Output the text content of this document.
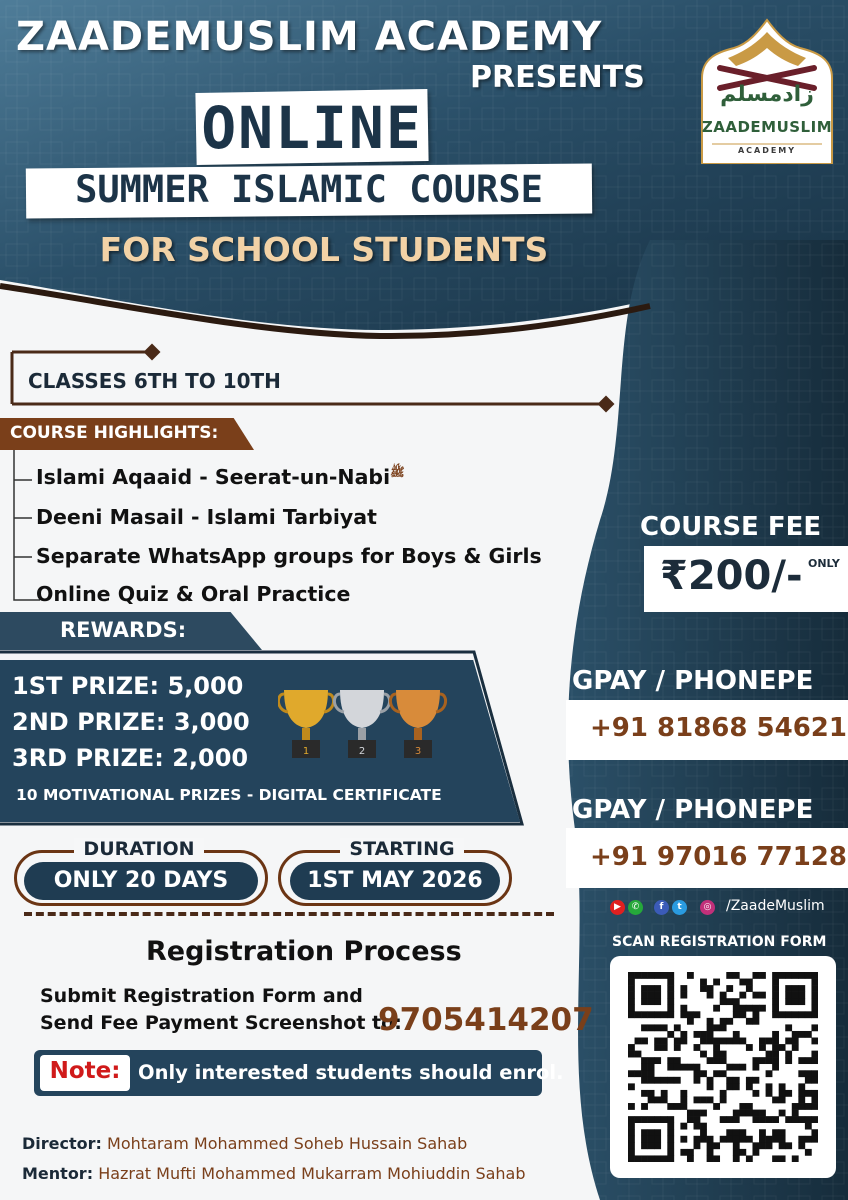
ZAADEMUSLIM ACADEMY
PRESENTS
ONLINE
SUMMER ISLAMIC COURSE
FOR SCHOOL STUDENTS
زادمسلم
ZAADEMUSLIM
ACADEMY
CLASSES 6TH TO 10TH
COURSE HIGHLIGHTS:
Islami Aqaaid - Seerat-un-Nabi$^ﷺ$
Deeni Masail - Islami Tarbiyat
Separate WhatsApp groups for Boys & Girls
Online Quiz & Oral Practice
REWARDS:
1ST PRIZE: 5,000
2ND PRIZE: 3,000
3RD PRIZE: 2,000
10 MOTIVATIONAL PRIZES - DIGITAL CERTIFICATE
1	2	3
DURATION
ONLY 20 DAYS
STARTING
1ST MAY 2026
Registration Process
Submit Registration Form and
Send Fee Payment Screenshot to:
9705414207
Note: Only interested students should enrol.
Director: Mohtaram Mohammed Soheb Hussain Sahab
Mentor: Hazrat Mufti Mohammed Mukarram Mohiuddin Sahab
COURSE FEE
₹200/- ONLY
GPAY / PHONEPE
+91 81868 54621
GPAY / PHONEPE
+91 97016 77128
▶	✆	f	t	◎ /ZaadeMuslim
SCAN REGISTRATION FORM
